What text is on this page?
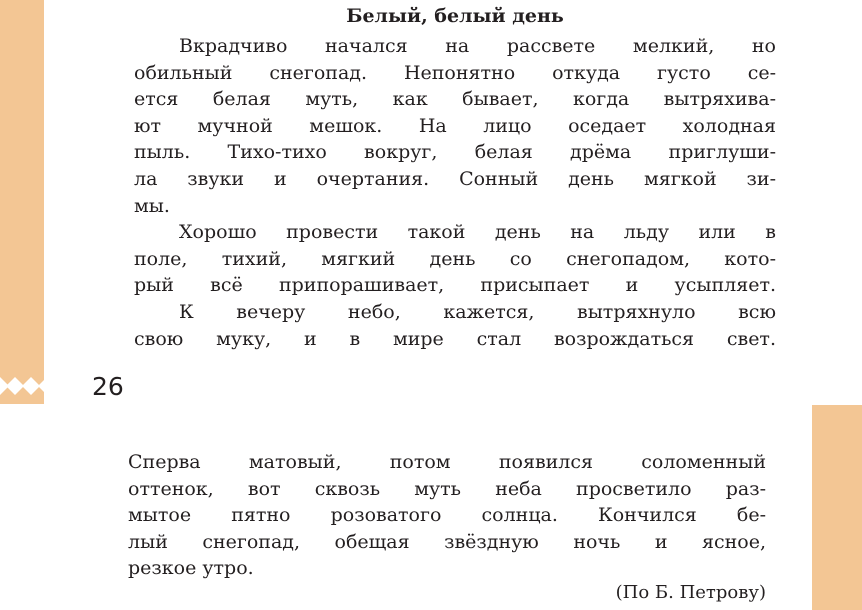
26
Белый, белый день

Вкрадчиво начался на рассвете мелкий, но
обильный снегопад. Непонятно откуда густо се-
ется белая муть, как бывает, когда вытряхива-
ют мучной мешок. На лицо оседает холодная
пыль. Тихо-тихо вокруг, белая дрёма приглуши-
ла звуки и очертания. Сонный день мягкой зи-
мы.

Хорошо провести такой день на льду или в
поле, тихий, мягкий день со снегопадом, кото-
рый всё припорашивает, присыпает и усыпляет.

К вечеру небо, кажется, вытряхнуло всю
свою муку, и в мире стал возрождаться свет.

Сперва матовый, потом появился соломенный
оттенок, вот сквозь муть неба просветило раз-
мытое пятно розоватого солнца. Кончился бе-
лый снегопад, обещая звёздную ночь и ясное,
резкое утро.

(По Б. Петрову)
